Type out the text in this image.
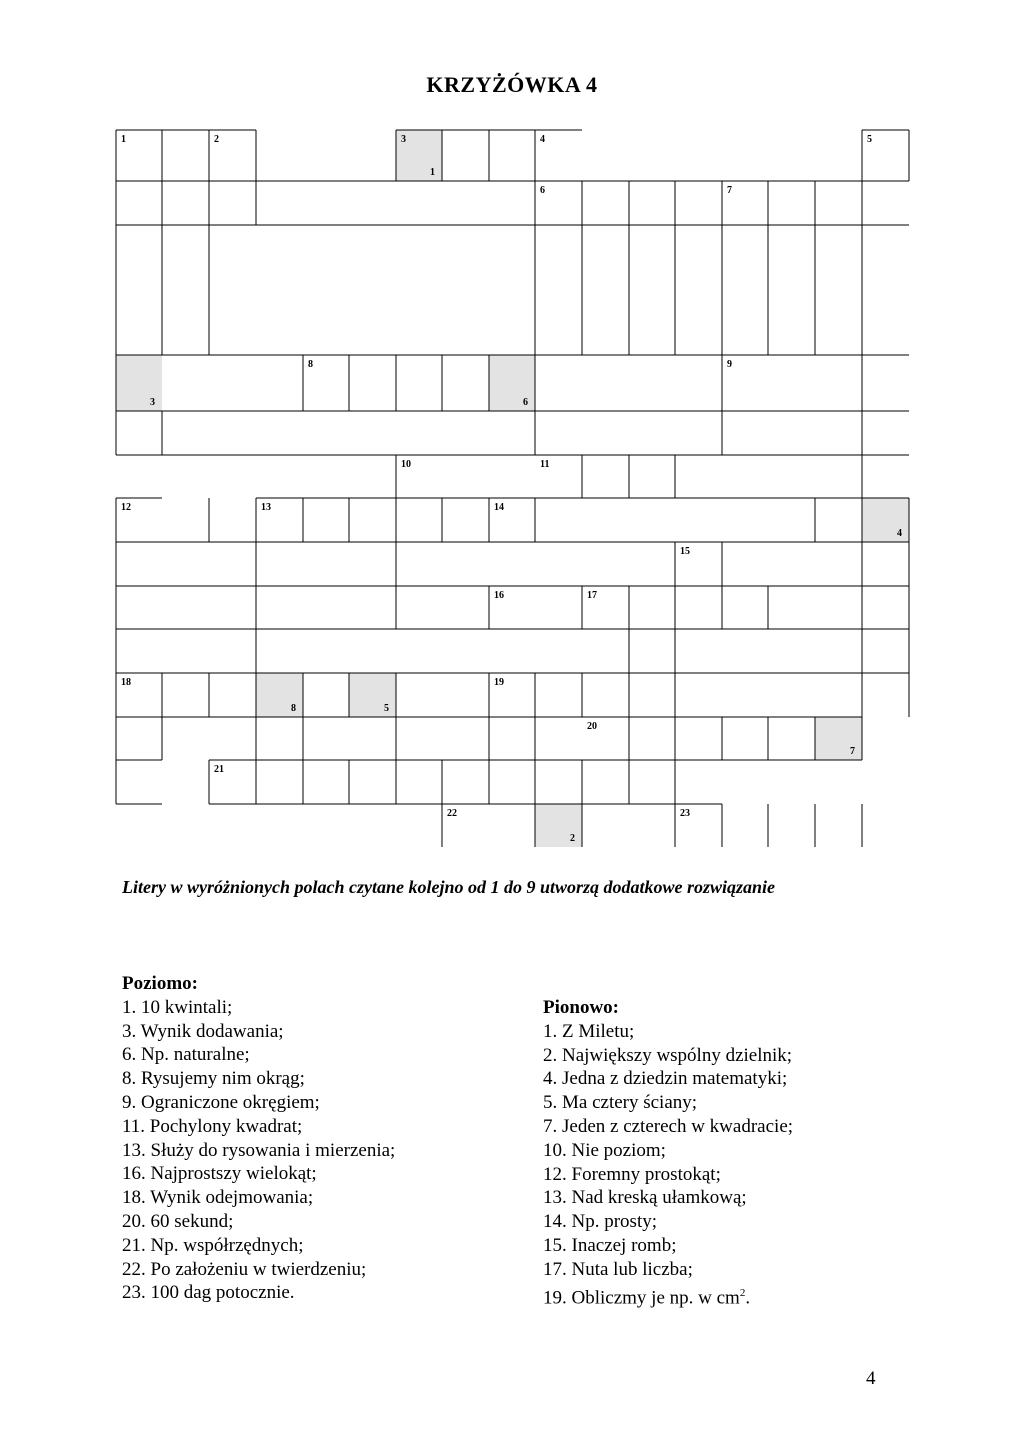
KRZYŻÓWKA 4
1	2	3	4	5
6	7
8	9
10	11
12	13	14
15
16	17
18	19
20
21
22	23
1
2
3
4
5
6
7
8
Litery w wyróżnionych polach czytane kolejno od 1 do 9 utworzą dodatkowe rozwiązanie
Poziomo:
1. 10 kwintali;
3. Wynik dodawania;
6. Np. naturalne;
8. Rysujemy nim okrąg;
9. Ograniczone okręgiem;
11. Pochylony kwadrat;
13. Służy do rysowania i mierzenia;
16. Najprostszy wielokąt;
18. Wynik odejmowania;
20. 60 sekund;
21. Np. współrzędnych;
22. Po założeniu w twierdzeniu;
23. 100 dag potocznie.
Pionowo:
1. Z Miletu;
2. Największy wspólny dzielnik;
4. Jedna z dziedzin matematyki;
5. Ma cztery ściany;
7. Jeden z czterech w kwadracie;
10. Nie poziom;
12. Foremny prostokąt;
13. Nad kreską ułamkową;
14. Np. prosty;
15. Inaczej romb;
17. Nuta lub liczba;
19. Obliczmy je np. w $cm^2$.
4
